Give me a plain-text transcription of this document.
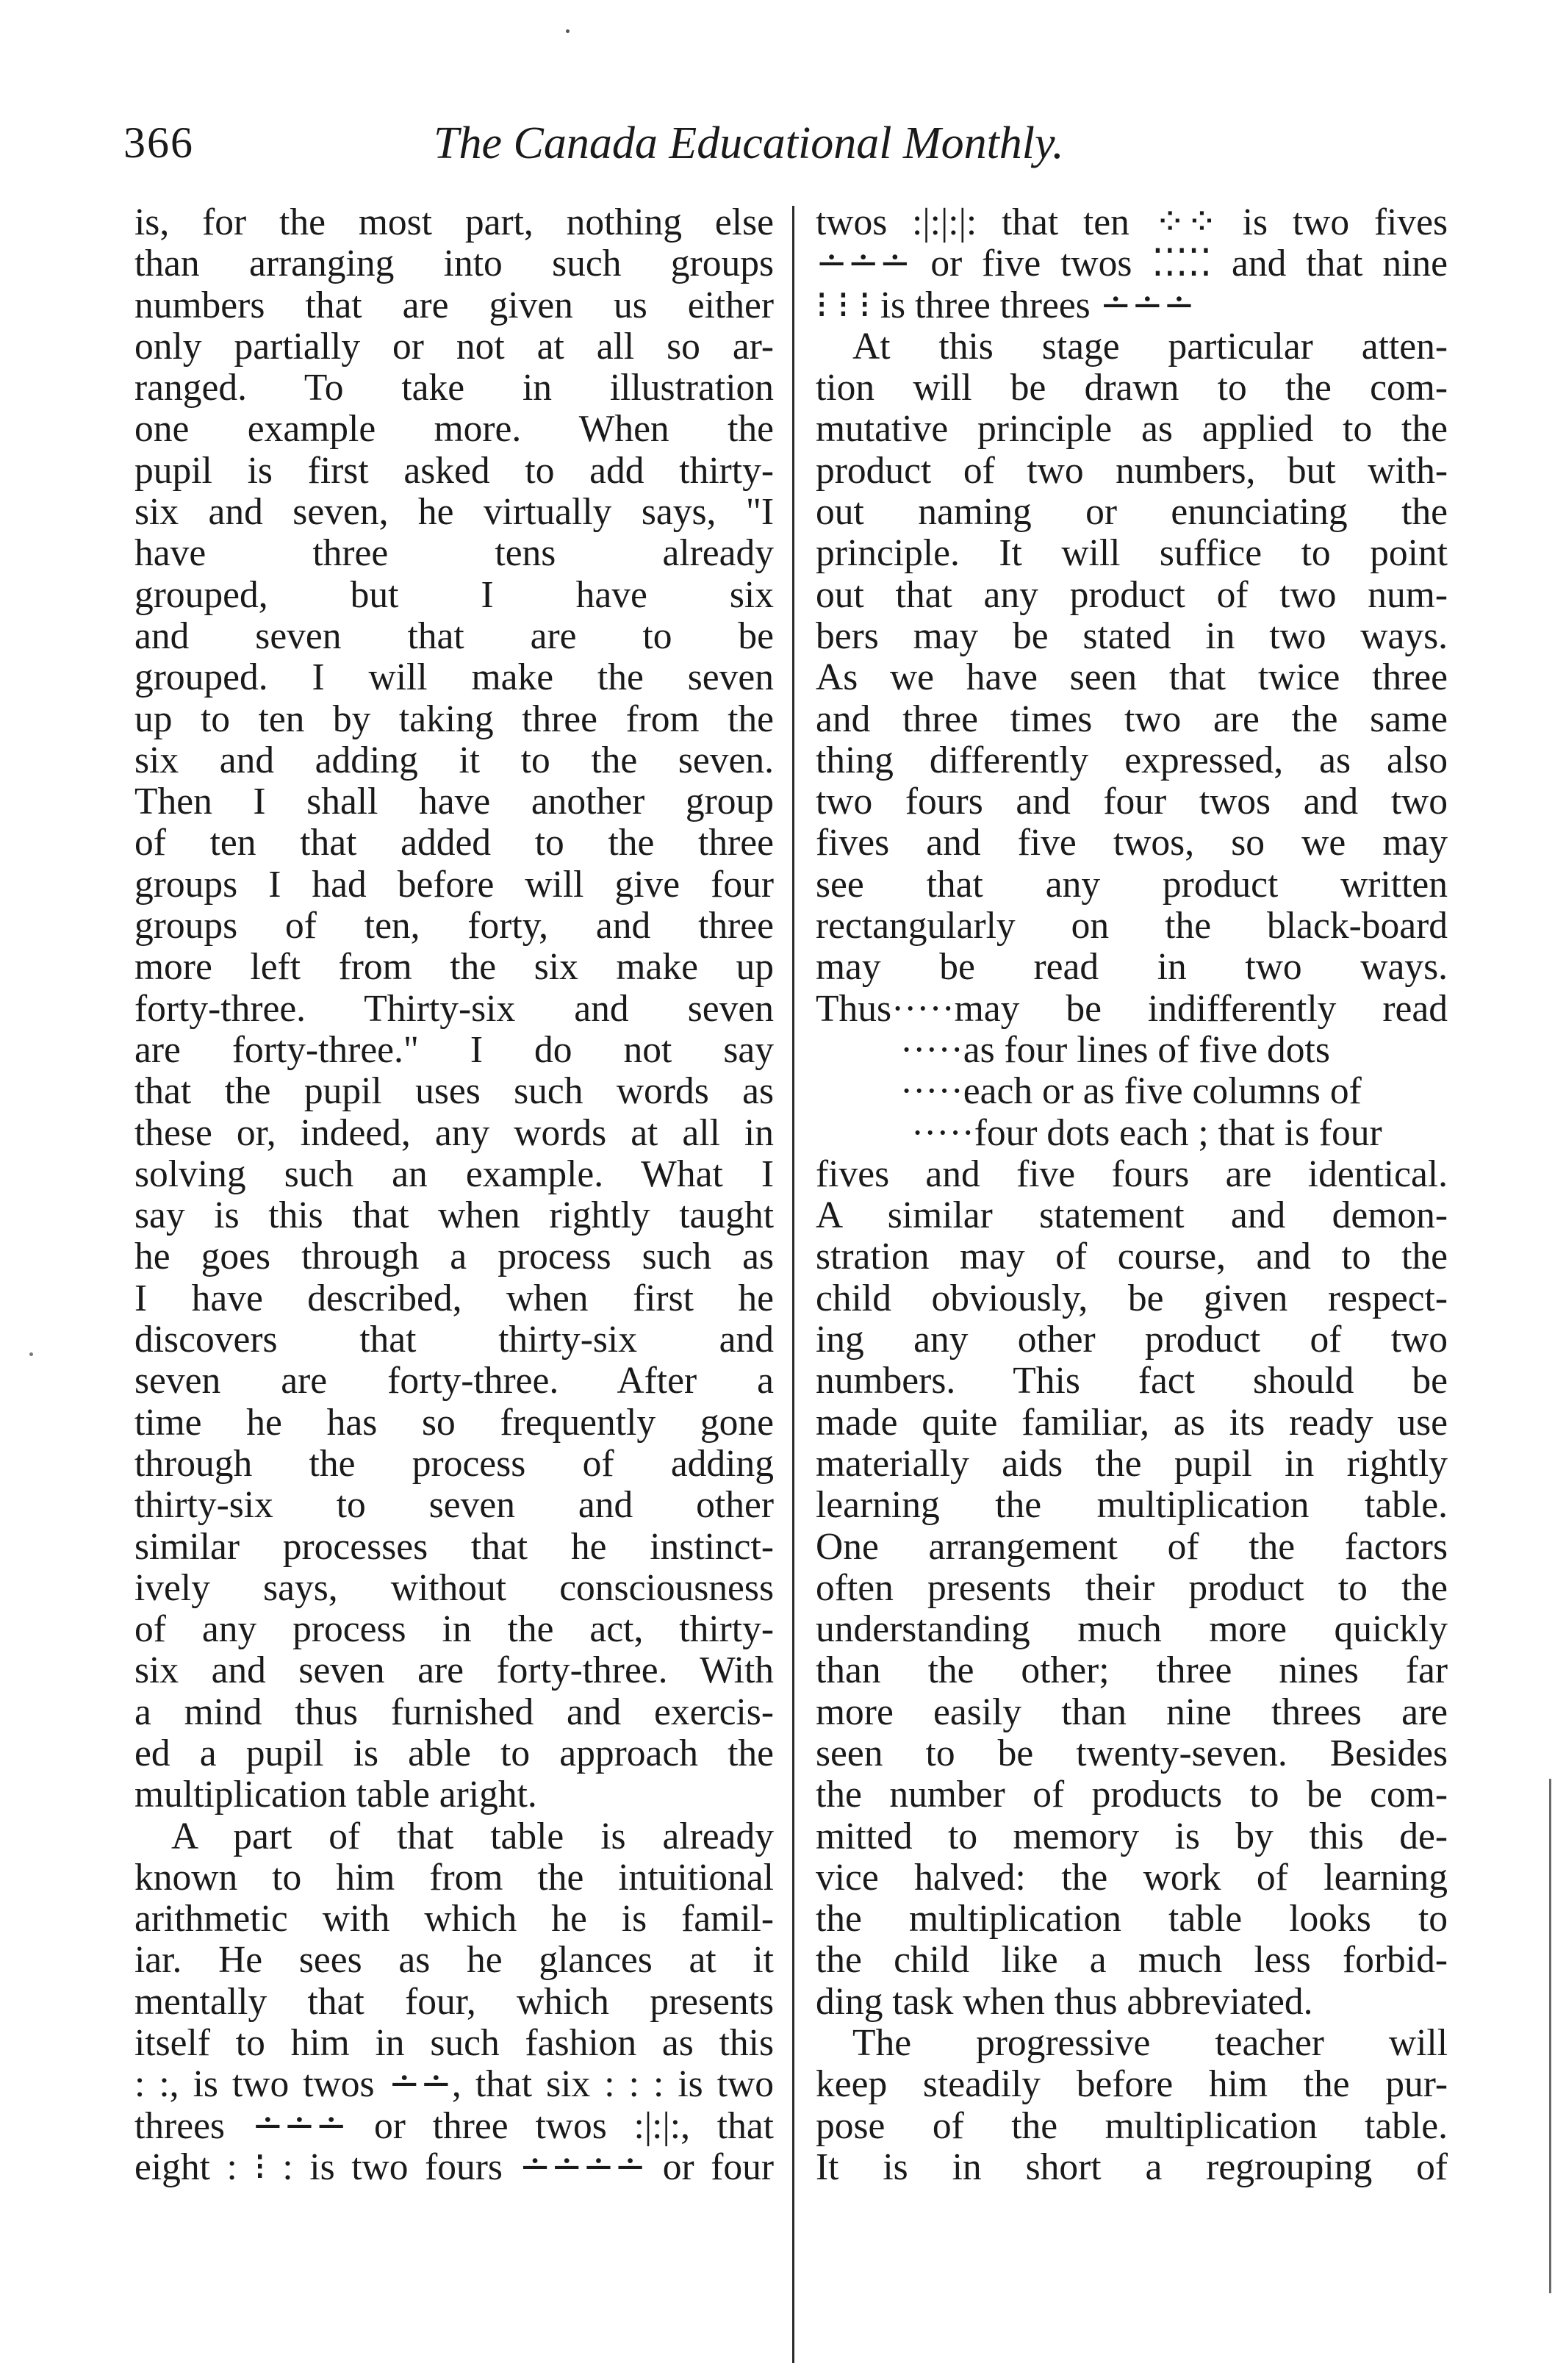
366	The Canada Educational Monthly.
is, for the most part, nothing else
than arranging into such groups
numbers that are given us either
only partially or not at all so ar-
ranged. To take in illustration
one example more. When the
pupil is first asked to add thirty-
six and seven, he virtually says, "I
have three tens already
grouped, but I have six
and seven that are to be
grouped. I will make the seven
up to ten by taking three from the
six and adding it to the seven.
Then I shall have another group
of ten that added to the three
groups I had before will give four
groups of ten, forty, and three
more left from the six make up
forty-three. Thirty-six and seven
are forty-three." I do not say
that the pupil uses such words as
these or, indeed, any words at all in
solving such an example. What I
say is this that when rightly taught
he goes through a process such as
I have described, when first he
discovers that thirty-six and
seven are forty-three. After a
time he has so frequently gone
through the process of adding
thirty-six to seven and other
similar processes that he instinct-
ively says, without consciousness
of any process in the act, thirty-
six and seven are forty-three. With
a mind thus furnished and exercis-
ed a pupil is able to approach the
multiplication table aright.
A part of that table is already
known to him from the intuitional
arithmetic with which he is famil-
iar. He sees as he glances at it
mentally that four, which presents
itself to him in such fashion as this
: :, is two twos ∸∸, that six : : : is two
threes ∸∸∸ or three twos :|:|:, that
eight : ⁝ : is two fours ∸∸∸∸ or four
twos :|:|:|: that ten ⁘⁘ is two fives
∸∸∸ or five twos ⁚⁚⁚⁚⁚ and that nine
⁝ ⁝ ⁝ is three threes ∸∸∸
At this stage particular atten-
tion will be drawn to the com-
mutative principle as applied to the
product of two numbers, but with-
out naming or enunciating the
principle. It will suffice to point
out that any product of two num-
bers may be stated in two ways.
As we have seen that twice three
and three times two are the same
thing differently expressed, as also
two fours and four twos and two
fives and five twos, so we may
see that any product written
rectangularly on the black-board
may be read in two ways.
Thus·····may be indifferently read
·····as four lines of five dots
·····each or as five columns of
·····four dots each ; that is four
fives and five fours are identical.
A similar statement and demon-
stration may of course, and to the
child obviously, be given respect-
ing any other product of two
numbers. This fact should be
made quite familiar, as its ready use
materially aids the pupil in rightly
learning the multiplication table.
One arrangement of the factors
often presents their product to the
understanding much more quickly
than the other; three nines far
more easily than nine threes are
seen to be twenty-seven. Besides
the number of products to be com-
mitted to memory is by this de-
vice halved: the work of learning
the multiplication table looks to
the child like a much less forbid-
ding task when thus abbreviated.
The progressive teacher will
keep steadily before him the pur-
pose of the multiplication table.
It is in short a regrouping of
